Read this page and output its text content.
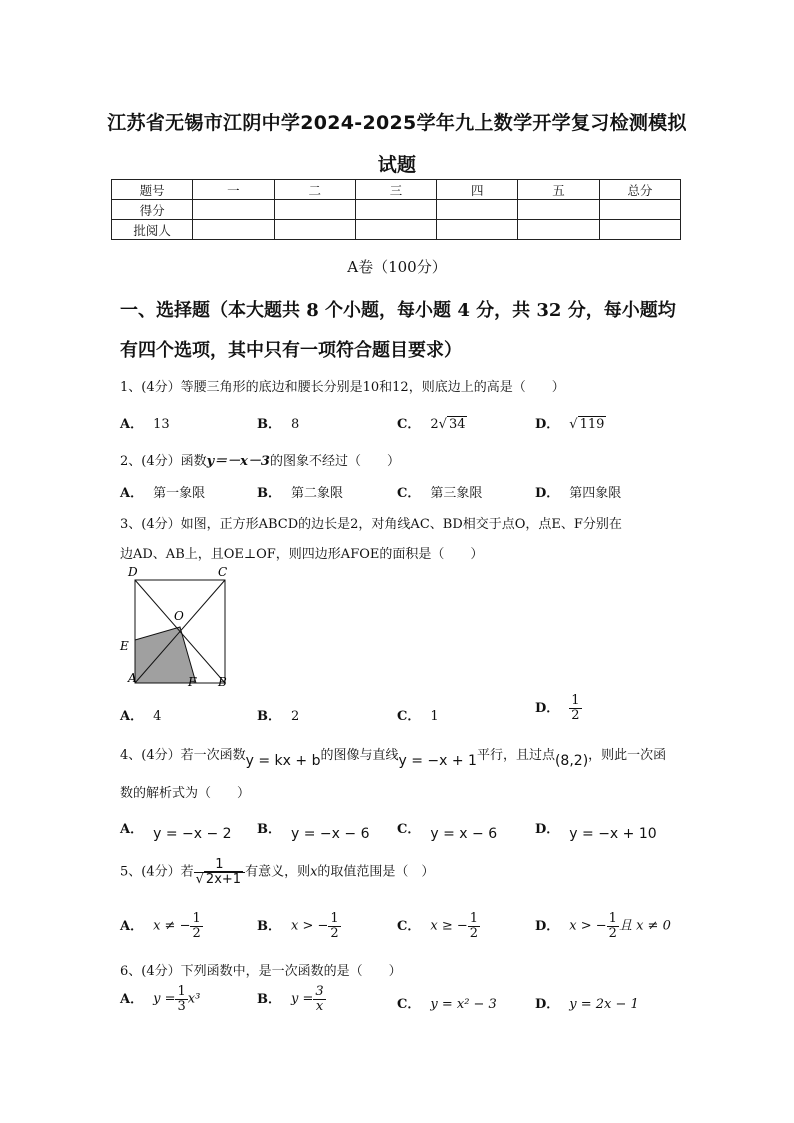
江苏省无锡市江阴中学2024-2025学年九上数学开学复习检测模拟
试题
题号	一	二	三	四	五	总分
得分						
批阅人						
A卷（100分）
一、选择题（本大题共 8 个小题，每小题 4 分，共 32 分，每小题均
有四个选项，其中只有一项符合题目要求）
1、(4分）等腰三角形的底边和腰长分别是10和12，则底边上的高是（　　）
A． 13	B． 8	C． 2√ 34	D． √ 119
2、(4分）函数y＝－x－3的图象不经过（　　）
A． 第一象限	B． 第二象限	C． 第三象限	D． 第四象限
3、(4分）如图，正方形ABCD的边长是2，对角线AC、BD相交于点O，点E、F分别在
边AD、AB上，且OE⊥OF，则四边形AFOE的面积是（　　）
D	C
O
E
A	F B
A． 4	B． 2	C． 1
D． $\frac{1}{2}$
4、(4分）若一次函数y = kx + b的图像与直线y = −x + 1平行，且过点(8,2)，则此一次函
数的解析式为（　　）
A． y = −x − 2 B． y = −x − 6 C． y = x − 6	D． y = −x + 10
5、(4分）若 $\frac{1}{√ 2x+1}$ 有意义，则x的取值范围是（　）
A． x ≠ − $\frac{1}{2}$	B． x > − $\frac{1}{2}$	C． x ≥ − $\frac{1}{2}$	D． x > − $\frac{1}{2}$ 且 x ≠ 0
6、(4分）下列函数中，是一次函数的是（　　）
A． $y = \frac{1}{3} x^3$	B． $y = \frac{3}{x}$	C． y = x² − 3	D． y = 2x − 1
